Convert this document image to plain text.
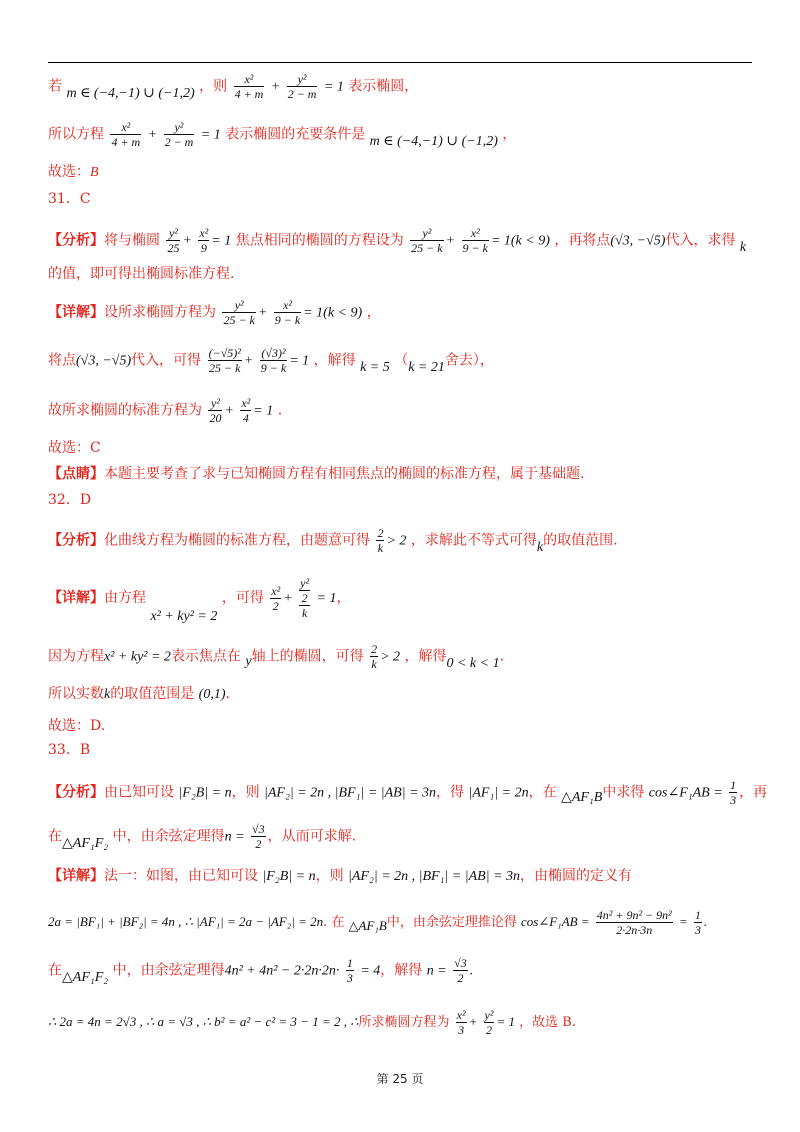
若 m ∈ (−4,−1) ∪ (−1,2) ，则 $\frac{\text{x²}}{4 + m} + \frac{\text{y²}}{2 - m} = 1$ 表示椭圆，
所以方程 $\frac{\text{x²}}{4 + m} + \frac{\text{y²}}{2 - m} = 1$ 表示椭圆的充要条件是 m ∈ (−4,−1) ∪ (−1,2) ，
故选：B
31．C
【分析】将与椭圆 $\frac{\text{y²}}{25} + \frac{\text{x²}}{9} = 1$ 焦点相同的椭圆的方程设为 $\frac{\text{y²}}{25 - k} + \frac{\text{x²}}{9 - k} = 1(k < 9)$ ，再将点(√3, −√5)代入，求得 k
的值，即可得出椭圆标准方程.
【详解】设所求椭圆方程为 $\frac{\text{y²}}{25 - k} + \frac{\text{x²}}{9 - k} = 1(k < 9)$ ，
将点(√3, −√5)代入，可得 $\frac{\text{(−√5)²}}{25 - k} + \frac{\text{(√3)²}}{9 - k} = 1$ ，解得 k = 5 （k = 21舍去），
故所求椭圆的标准方程为 $\frac{\text{y²}}{20} + \frac{\text{x²}}{4} = 1$ .
故选：C
【点睛】本题主要考查了求与已知椭圆方程有相同焦点的椭圆的标准方程，属于基础题.
32．D
【分析】化曲线方程为椭圆的标准方程，由题意可得 $\frac{2}{k} > 2$ ，求解此不等式可得k的取值范围.
【详解】由方程 x² + ky² = 2 ，可得 $\frac{\text{x²}}{2}$ +
y²
2
k
= 1，
因为方程x² + ky² = 2表示焦点在 y轴上的椭圆，可得 $\frac{2}{k} > 2$ ，解得0 < k < 1.
所以实数k的取值范围是 (0,1).
故选：D.
33．B
【分析】由已知可设 |F₂B| = n，则 |AF₂| = 2n , |BF₁| = |AB| = 3n，得 |AF₁| = 2n，在 △AF₁B中求得 cos∠F₁AB = $\frac{1}{3}$ ，再
在△AF₁F₂ 中，由余弦定理得$n = \frac{√3}{2}$ ，从而可求解.
【详解】法一：如图，由已知可设 |F₂B| = n，则 |AF₂| = 2n , |BF₁| = |AB| = 3n，由椭圆的定义有
2a = |BF₁| + |BF₂| = 4n , ∴ |AF₁| = 2a − |AF₂| = 2n. 在 △AF₁B中，由余弦定理推论得 cos∠F₁AB = $\frac{\text{4n² + 9n² − 9n²}}{2\cdot 2n\cdot 3n} = \frac{1}{3}$ .
在△AF₁F₂ 中，由余弦定理得$4n^2 + 4n^2 - 2\cdot 2n\cdot 2n\cdot \frac{1}{3} = 4$，解得 $n = \frac{√3}{2}$ .
∴ 2a = 4n = 2√3 , ∴ a = √3 , ∴ b² = a² − c² = 3 − 1 = 2 , ∴所求椭圆方程为 $\frac{\text{x²}}{3} + \frac{\text{y²}}{2} = 1$ ，故选 B.
第 25 页
